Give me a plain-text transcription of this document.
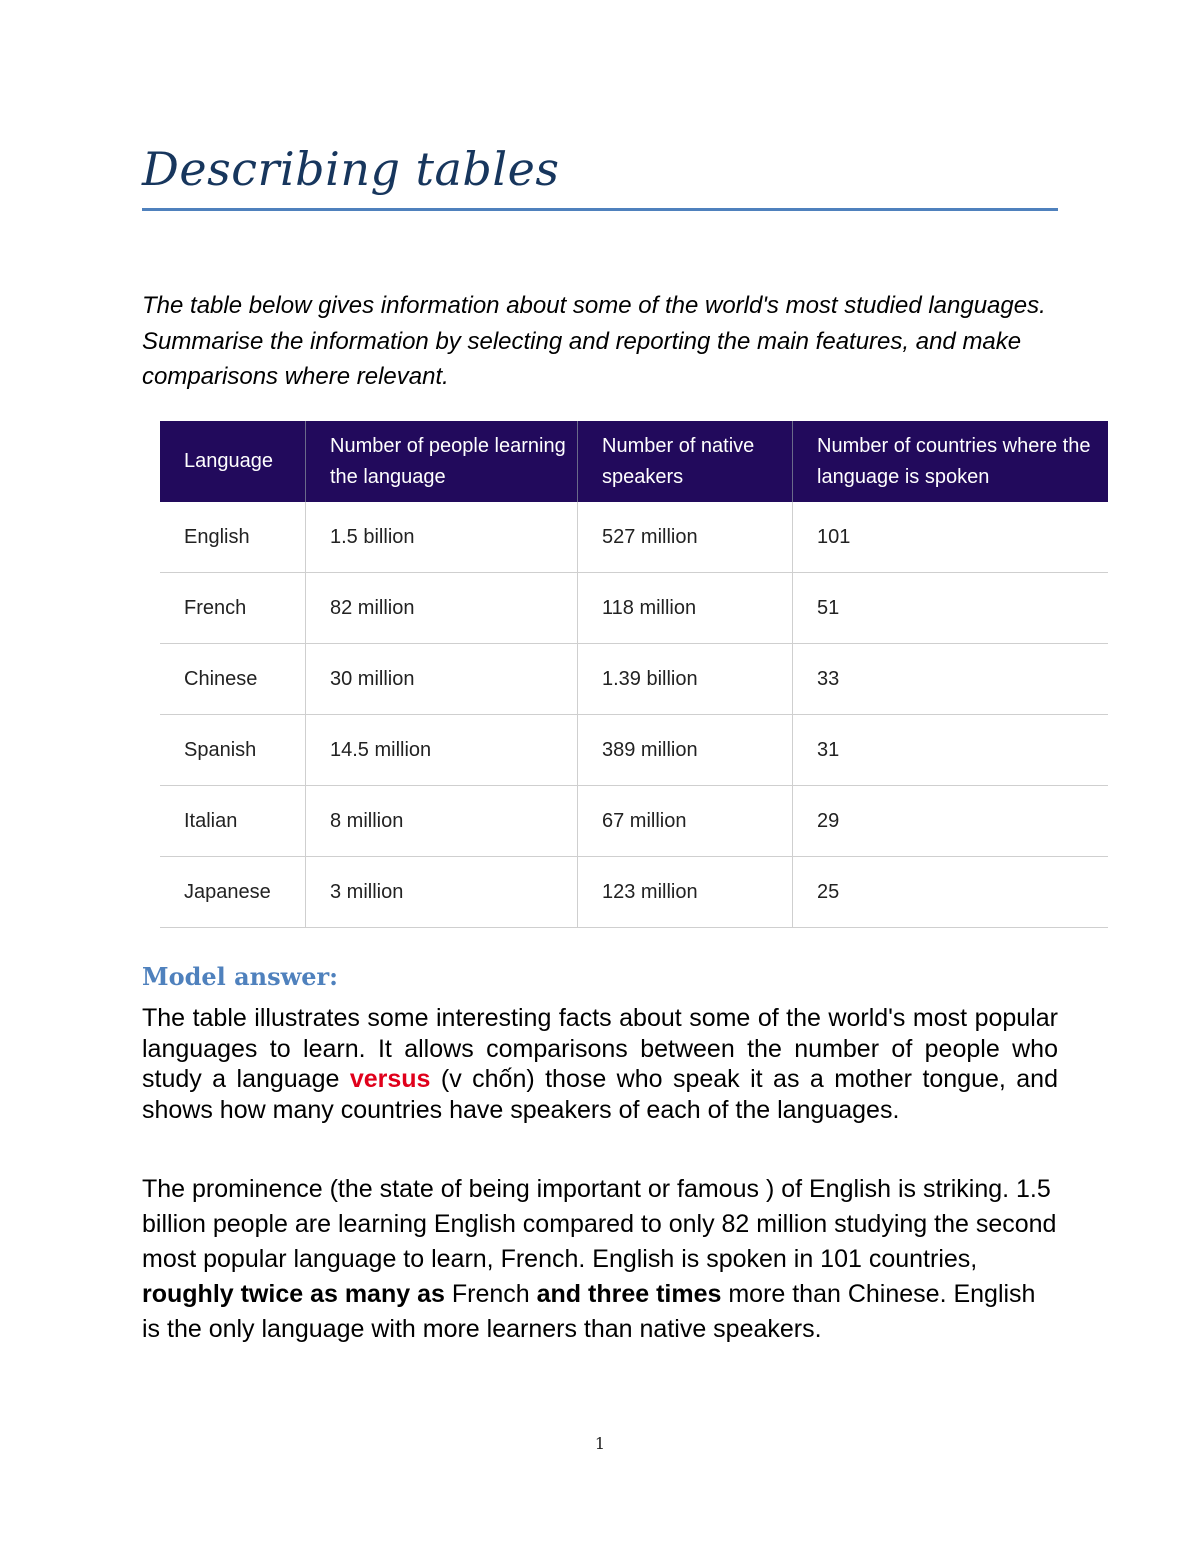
Describing tables

The table below gives information about some of the world's most studied languages. Summarise the information by selecting and reporting the main features, and make comparisons where relevant.

Language	Number of people learning the language	Number of native speakers	Number of countries where the language is spoken
English	1.5 billion	527 million	101
French	82 million	118 million	51
Chinese	30 million	1.39 billion	33
Spanish	14.5 million	389 million	31
Italian	8 million	67 million	29
Japanese	3 million	123 million	25
Model answer:

The table illustrates some interesting facts about some of the world's most popular languages to learn. It allows comparisons between the number of people who study a language versus (v chốn) those who speak it as a mother tongue, and shows how many countries have speakers of each of the languages.

The prominence (the state of being important or famous ) of English is striking. 1.5 billion people are learning English compared to only 82 million studying the second most popular language to learn, French. English is spoken in 101 countries, roughly twice as many as French and three times more than Chinese. English is the only language with more learners than native speakers.

1
